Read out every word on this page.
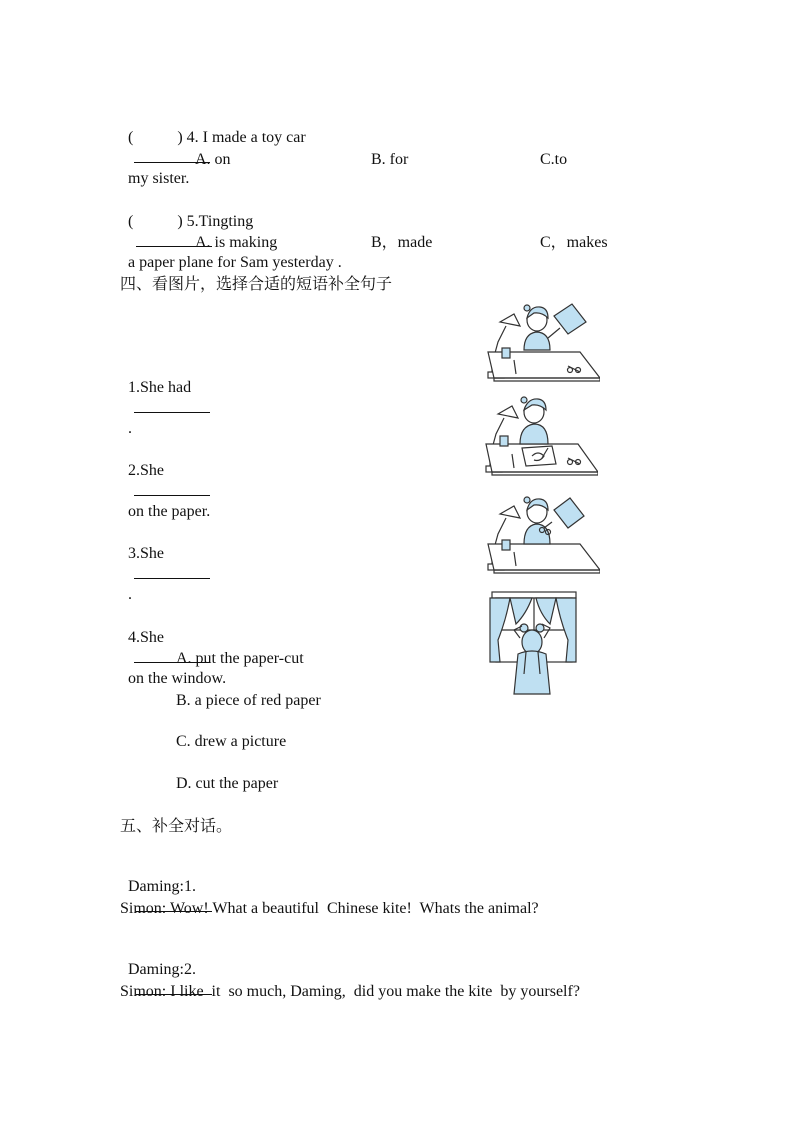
(	) 4. I made a toy car

my sister.

A. on	B. for	C.to

(	) 5.Tingting

a paper plane for Sam yesterday .

A. is making	B，made	C，makes
四、看图片，选择合适的短语补全句子

1.She had

.

2.She

on the paper.

3.She

.

4.She

on the window.

A. put the paper-cut
B. a piece of red paper
C. drew a picture
D. cut the paper
五、补全对话。

Daming:1.

Simon: Wow! What a beautiful  Chinese kite!  Whats the animal?

Daming:2.

Simon: I like  it  so much, Daming,  did you make the kite  by yourself?
